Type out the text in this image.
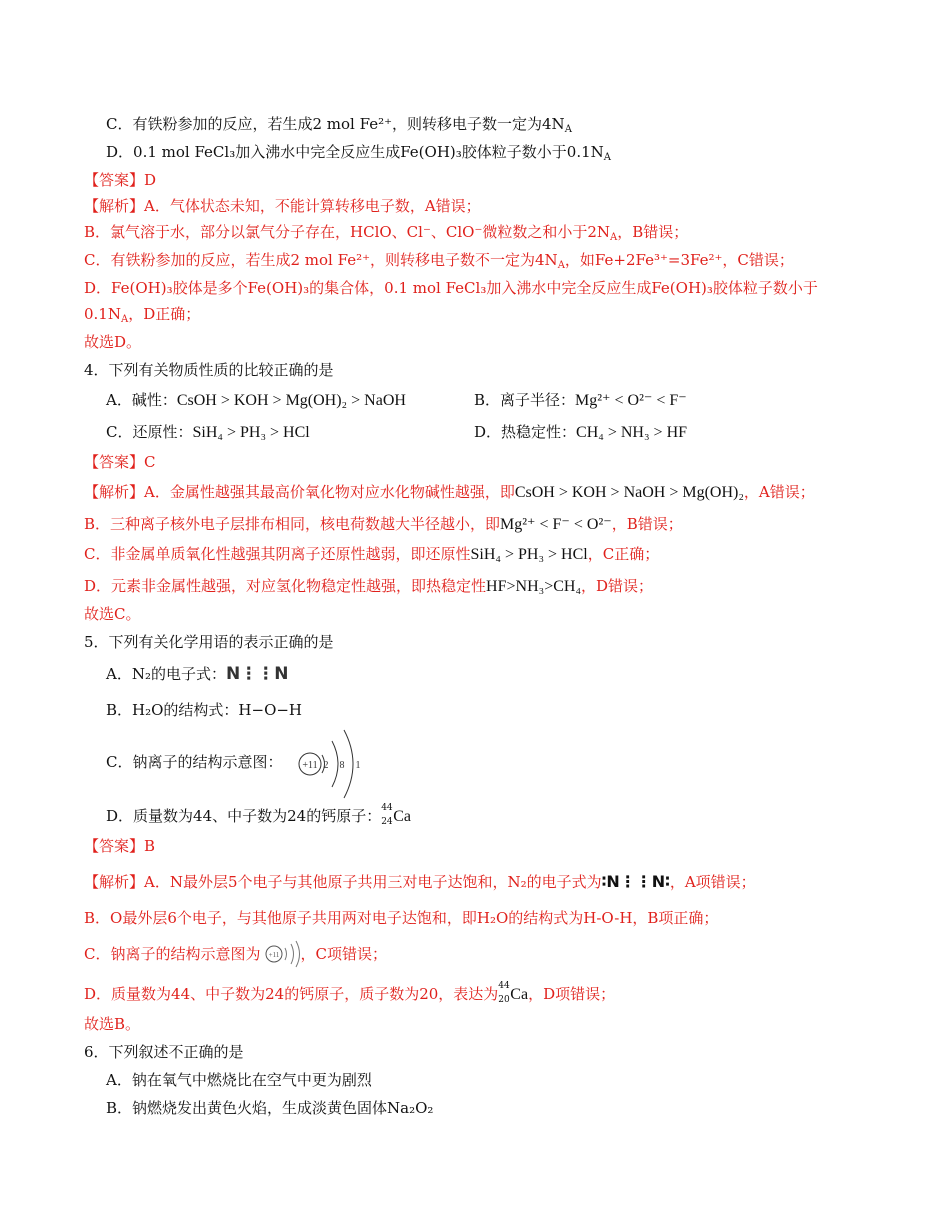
C．有铁粉参加的反应，若生成2 mol Fe²⁺，则转移电子数一定为$4N_A$
D．0.1 mol FeCl₃加入沸水中完全反应生成Fe(OH)₃胶体粒子数小于$0.1N_A$
【答案】D
【解析】A．气体状态未知，不能计算转移电子数，A错误；
B．氯气溶于水，部分以氯气分子存在，HClO、Cl⁻、ClO⁻微粒数之和小于$2N_A$，B错误；
C．有铁粉参加的反应，若生成2 mol Fe²⁺，则转移电子数不一定为$4N_A$，如Fe+2Fe³⁺=3Fe²⁺，C错误；
D．Fe(OH)₃胶体是多个Fe(OH)₃的集合体，0.1 mol FeCl₃加入沸水中完全反应生成Fe(OH)₃胶体粒子数小于
$0.1N_A$，D正确；
故选D。
4．下列有关物质性质的比较正确的是
A．碱性：CsOH > KOH > Mg(OH)₂ > NaOH	B．离子半径：Mg²⁺ < O²⁻ < F⁻
C．还原性：SiH₄ > PH₃ > HCl	D．热稳定性：CH₄ > NH₃ > HF
【答案】C
【解析】A．金属性越强其最高价氧化物对应水化物碱性越强，即CsOH > KOH > NaOH > Mg(OH)₂，A错误；
B．三种离子核外电子层排布相同，核电荷数越大半径越小，即Mg²⁺ < F⁻ < O²⁻，B错误；
C．非金属单质氧化性越强其阴离子还原性越弱，即还原性SiH₄ > PH₃ > HCl，C正确；
D．元素非金属性越强，对应氢化物稳定性越强，即热稳定性HF>NH₃>CH₄，D错误；
故选C。
5．下列有关化学用语的表示正确的是
A．N₂的电子式：N⋮⋮N
B．H₂O的结构式：H−O−H
C．钠离子的结构示意图： +11 2 8 1
D．质量数为44、中子数为24的钙原子： 44
24 Ca
【答案】B
【解析】A．N最外层5个电子与其他原子共用三对电子达饱和，N₂的电子式为∶N⋮⋮N∶，A项错误；
B．O最外层6个电子，与其他原子共用两对电子达饱和，即H₂O的结构式为H-O-H，B项正确；
C．钠离子的结构示意图为	，C项错误；
+11
D．质量数为44、中子数为24的钙原子，质子数为20，表达为 44
20 Ca，D项错误；
故选B。
6．下列叙述不正确的是
A．钠在氧气中燃烧比在空气中更为剧烈
B．钠燃烧发出黄色火焰，生成淡黄色固体Na₂O₂
